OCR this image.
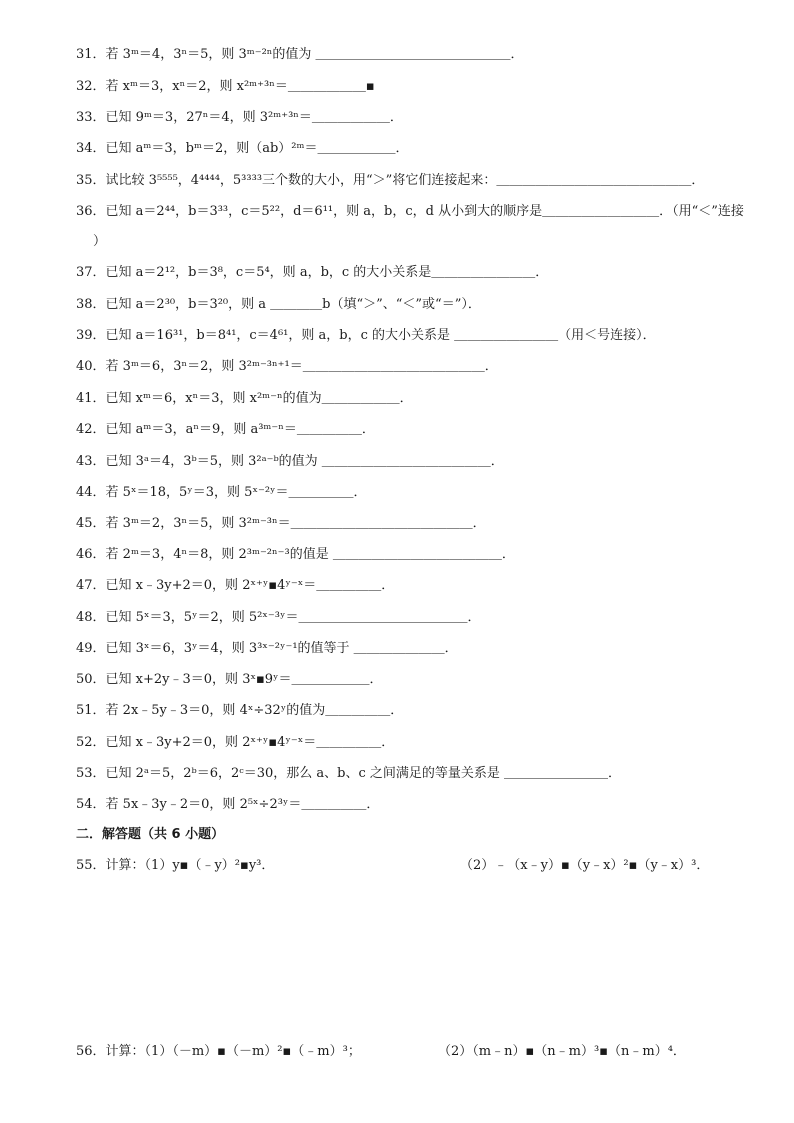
31．若 3ᵐ＝4，3ⁿ＝5，则 3ᵐ⁻²ⁿ的值为 ＿＿＿＿＿＿＿＿＿＿＿＿＿＿＿．
32．若 xᵐ＝3，xⁿ＝2，则 x²ᵐ⁺³ⁿ＝＿＿＿＿＿＿▪
33．已知 9ᵐ＝3，27ⁿ＝4，则 3²ᵐ⁺³ⁿ＝＿＿＿＿＿＿．
34．已知 aᵐ＝3，bᵐ＝2，则（ab）²ᵐ＝＿＿＿＿＿＿．
35．试比较 3⁵⁵⁵⁵，4⁴⁴⁴⁴，5³³³³三个数的大小，用“＞”将它们连接起来：＿＿＿＿＿＿＿＿＿＿＿＿＿＿＿．
36．已知 a＝2⁴⁴，b＝3³³，c＝5²²，d＝6¹¹，则 a，b，c，d 从小到大的顺序是＿＿＿＿＿＿＿＿＿．（用“＜”连接
）
37．已知 a＝2¹²，b＝3⁸，c＝5⁴，则 a，b，c 的大小关系是＿＿＿＿＿＿＿＿．
38．已知 a＝2³⁰，b＝3²⁰，则 a ＿＿＿＿b（填“＞”、“＜”或“＝”）．
39．已知 a＝16³¹，b＝8⁴¹，c＝4⁶¹，则 a，b，c 的大小关系是 ＿＿＿＿＿＿＿＿（用＜号连接）．
40．若 3ᵐ＝6，3ⁿ＝2，则 3²ᵐ⁻³ⁿ⁺¹＝＿＿＿＿＿＿＿＿＿＿＿＿＿＿．
41．已知 xᵐ＝6，xⁿ＝3，则 x²ᵐ⁻ⁿ的值为＿＿＿＿＿＿．
42．已知 aᵐ＝3，aⁿ＝9，则 a³ᵐ⁻ⁿ＝＿＿＿＿＿．
43．已知 3ᵃ＝4，3ᵇ＝5，则 3²ᵃ⁻ᵇ的值为 ＿＿＿＿＿＿＿＿＿＿＿＿＿．
44．若 5ˣ＝18，5ʸ＝3，则 5ˣ⁻²ʸ＝＿＿＿＿＿．
45．若 3ᵐ＝2，3ⁿ＝5，则 3²ᵐ⁻³ⁿ＝＿＿＿＿＿＿＿＿＿＿＿＿＿＿．
46．若 2ᵐ＝3，4ⁿ＝8，则 2³ᵐ⁻²ⁿ⁻³的值是 ＿＿＿＿＿＿＿＿＿＿＿＿＿．
47．已知 x﹣3y+2＝0，则 2ˣ⁺ʸ▪4ʸ⁻ˣ＝＿＿＿＿＿．
48．已知 5ˣ＝3，5ʸ＝2，则 5²ˣ⁻³ʸ＝＿＿＿＿＿＿＿＿＿＿＿＿＿．
49．已知 3ˣ＝6，3ʸ＝4，则 3³ˣ⁻²ʸ⁻¹的值等于 ＿＿＿＿＿＿＿．
50．已知 x+2y﹣3＝0，则 3ˣ▪9ʸ＝＿＿＿＿＿＿．
51．若 2x﹣5y﹣3＝0，则 4ˣ÷32ʸ的值为＿＿＿＿＿．
52．已知 x﹣3y+2＝0，则 2ˣ⁺ʸ▪4ʸ⁻ˣ＝＿＿＿＿＿．
53．已知 2ᵃ＝5，2ᵇ＝6，2ᶜ＝30，那么 a、b、c 之间满足的等量关系是 ＿＿＿＿＿＿＿＿．
54．若 5x﹣3y﹣2＝0，则 2⁵ˣ÷2³ʸ＝＿＿＿＿＿．
二．解答题（共 6 小题）
55．计算：（1）y▪（﹣y）²▪y³．	（2）﹣（x﹣y）▪（y﹣x）²▪（y﹣x）³．
56．计算：（1）（－m）▪（－m）²▪（﹣m）³；	（2）（m﹣n）▪（n﹣m）³▪（n﹣m）⁴．
